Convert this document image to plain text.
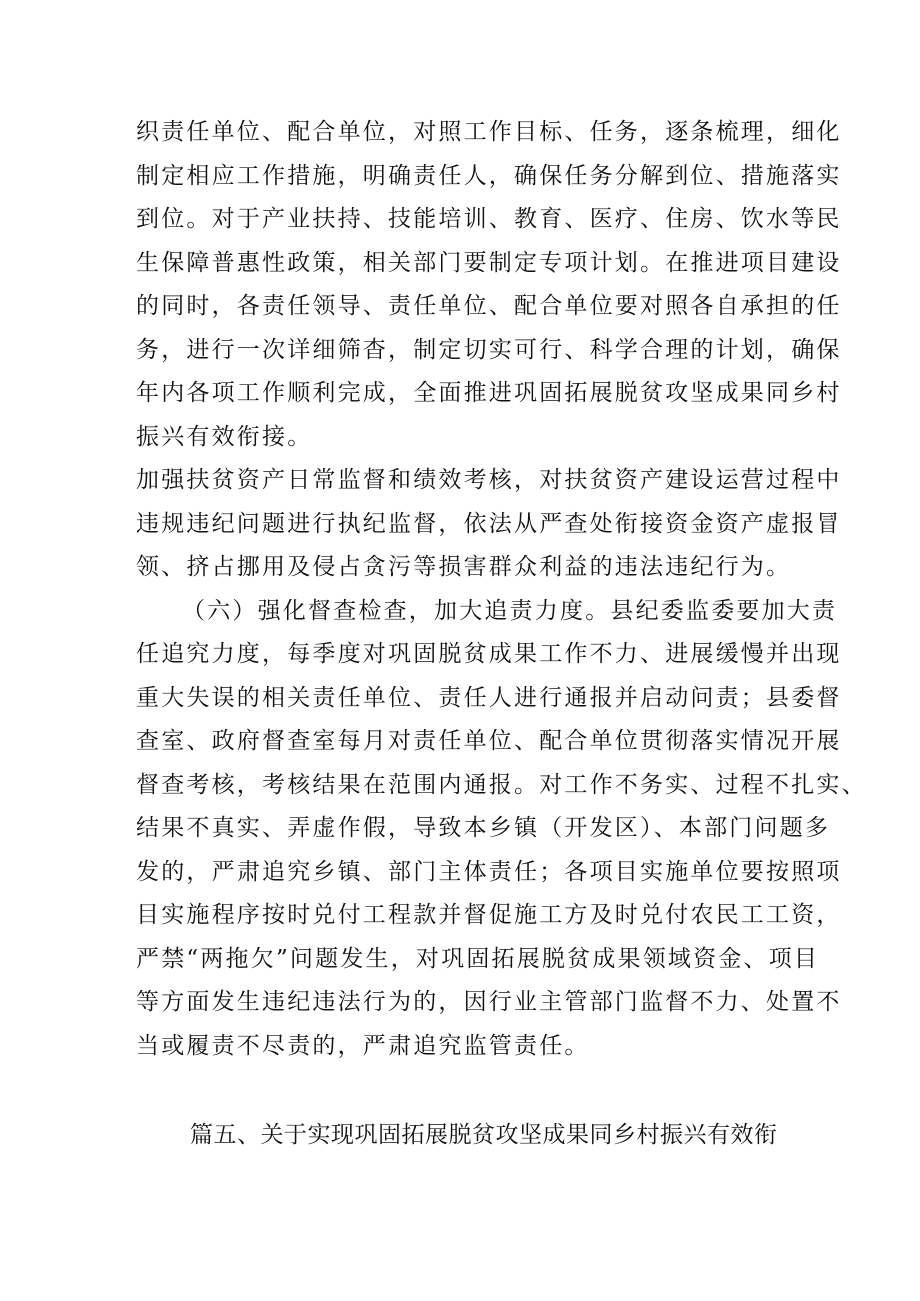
织责任单位、配合单位，对照工作目标、任务，逐条梳理，细化
制定相应工作措施，明确责任人，确保任务分解到位、措施落实
到位。对于产业扶持、技能培训、教育、医疗、住房、饮水等民
生保障普惠性政策，相关部门要制定专项计划。在推进项目建设
的同时，各责任领导、责任单位、配合单位要对照各自承担的任
务，进行一次详细筛杳，制定切实可行、科学合理的计划，确保
年内各项工作顺利完成，全面推进巩固拓展脱贫攻坚成果同乡村
振兴有效衔接。
加强扶贫资产日常监督和绩效考核，对扶贫资产建设运营过程中
违规违纪问题进行执纪监督，依法从严查处衔接资金资产虚报冒
领、挤占挪用及侵占贪污等损害群众利益的违法违纪行为。
（六）强化督查检查，加大追责力度。县纪委监委要加大责
任追究力度，每季度对巩固脱贫成果工作不力、进展缓慢并出现
重大失误的相关责任单位、责任人进行通报并启动问责；县委督
查室、政府督查室每月对责任单位、配合单位贯彻落实情况开展
督查考核，考核结果在范围内通报。对工作不务实、过程不扎实、
结果不真实、弄虚作假，导致本乡镇（开发区）、本部门问题多
发的，严肃追究乡镇、部门主体责任；各项目实施单位要按照项
目实施程序按时兑付工程款并督促施工方及时兑付农民工工资，
严禁“两拖欠”问题发生，对巩固拓展脱贫成果领域资金、项目
等方面发生违纪违法行为的，因行业主管部门监督不力、处置不
当或履责不尽责的，严肃追究监管责任。
篇五、关于实现巩固拓展脱贫攻坚成果同乡村振兴有效衔
